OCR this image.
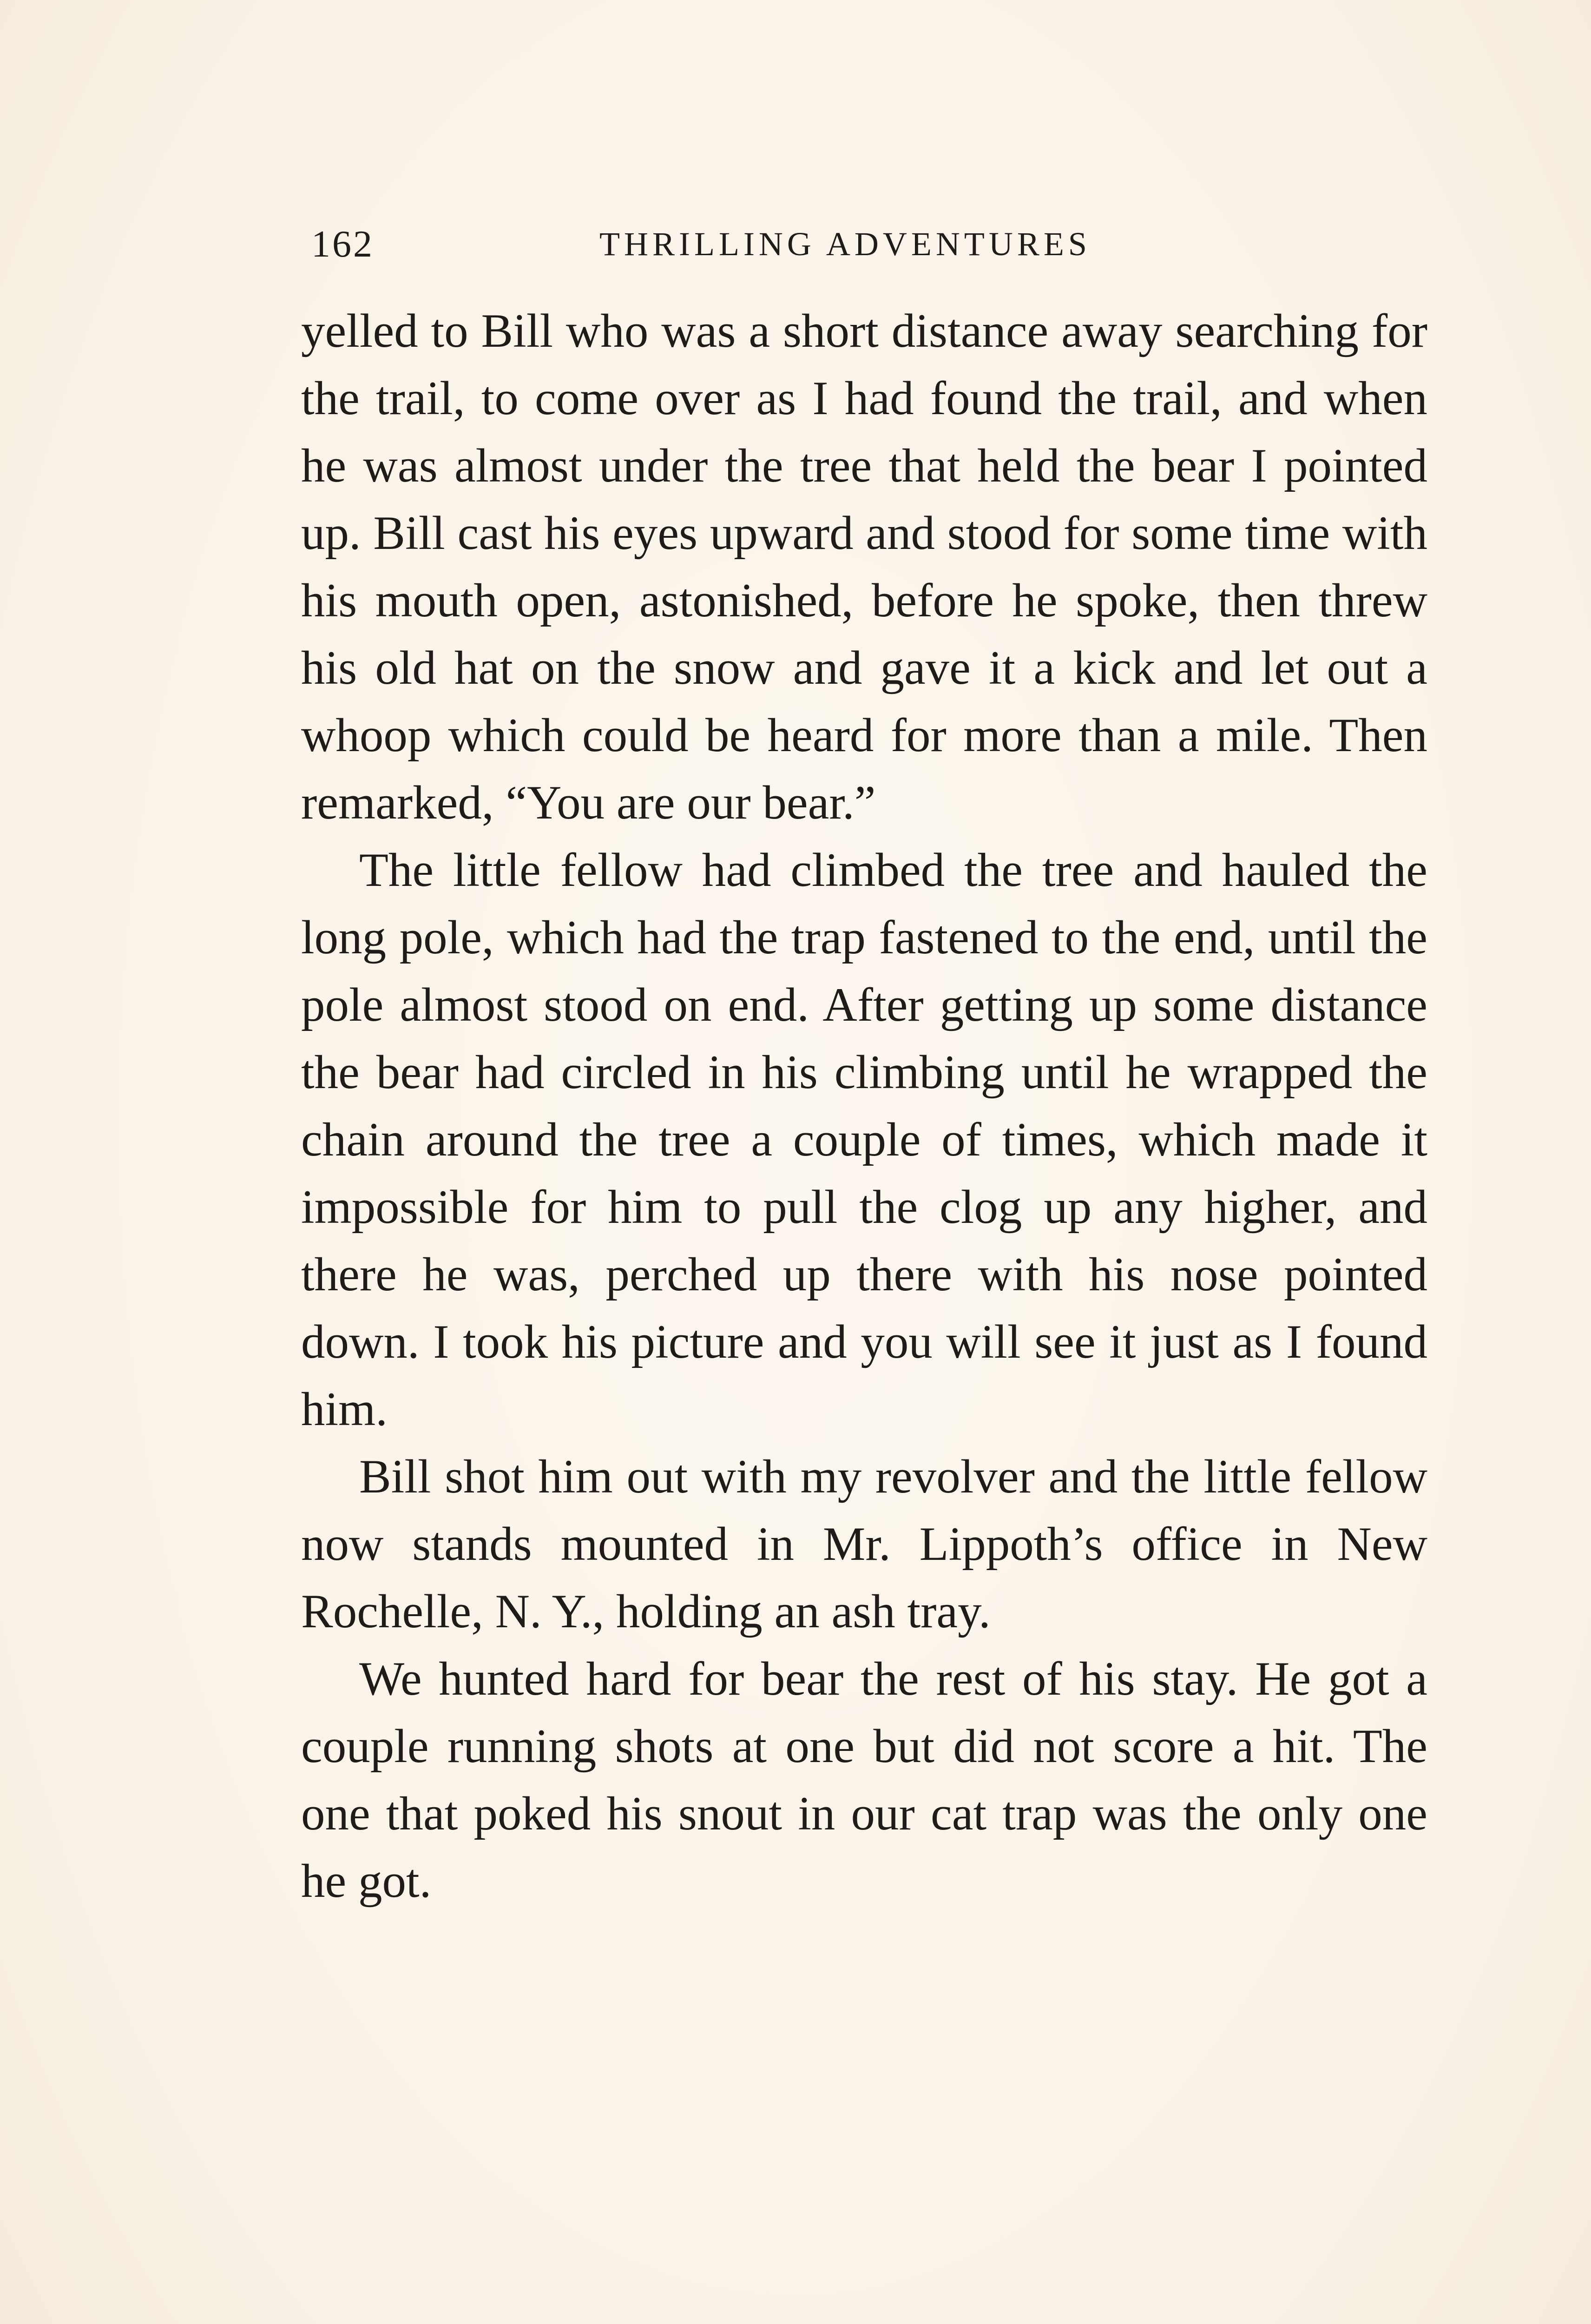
162	THRILLING ADVENTURES

yelled to Bill who was a short distance away searching for the trail, to come over as I had found the trail, and when he was almost under the tree that held the bear I pointed up. Bill cast his eyes upward and stood for some time with his mouth open, astonished, before he spoke, then threw his old hat on the snow and gave it a kick and let out a whoop which could be heard for more than a mile. Then remarked, “You are our bear.”

The little fellow had climbed the tree and hauled the long pole, which had the trap fastened to the end, until the pole almost stood on end. After getting up some distance the bear had circled in his climbing until he wrapped the chain around the tree a couple of times, which made it impossible for him to pull the clog up any higher, and there he was, perched up there with his nose pointed down. I took his picture and you will see it just as I found him.

Bill shot him out with my revolver and the little fellow now stands mounted in Mr. Lippoth’s office in New Rochelle, N. Y., holding an ash tray.

We hunted hard for bear the rest of his stay. He got a couple running shots at one but did not score a hit. The one that poked his snout in our cat trap was the only one he got.
